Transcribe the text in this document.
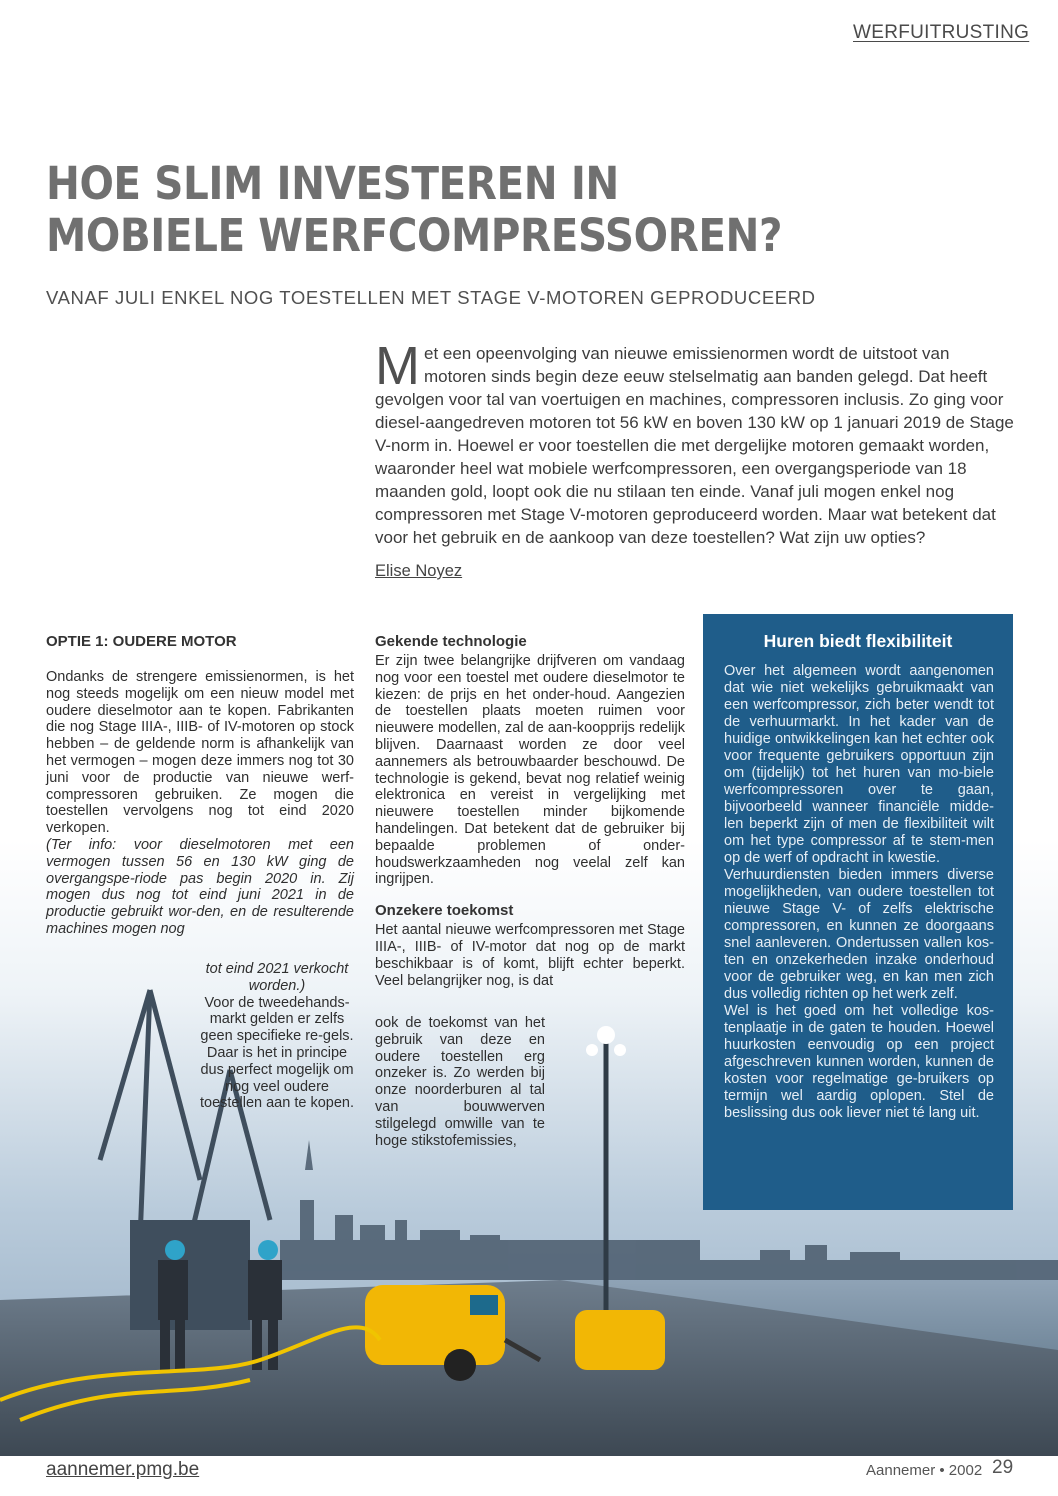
WERFUITRUSTING
HOE SLIM INVESTEREN IN
MOBIELE WERFCOMPRESSOREN?
VANAF JULI ENKEL NOG TOESTELLEN MET STAGE V-MOTOREN GEPRODUCEERD
Met een opeenvolging van nieuwe emissienormen wordt de uitstoot van motoren sinds begin deze eeuw stelselmatig aan banden gelegd. Dat heeft gevolgen voor tal van voertuigen en machines, compressoren inclusis. Zo ging voor diesel-aangedreven motoren tot 56 kW en boven 130 kW op 1 januari 2019 de Stage V-norm in. Hoewel er voor toestellen die met dergelijke motoren gemaakt worden, waaronder heel wat mobiele werfcompressoren, een overgangsperiode van 18 maanden gold, loopt ook die nu stilaan ten einde. Vanaf juli mogen enkel nog compressoren met Stage V-motoren geproduceerd worden. Maar wat betekent dat voor het gebruik en de aankoop van deze toestellen? Wat zijn uw opties?
Elise Noyez
OPTIE 1: OUDERE MOTOR

Ondanks de strengere emissienormen, is het nog steeds mogelijk om een nieuw model met oudere dieselmotor aan te kopen. Fabrikanten die nog Stage IIIA-, IIIB- of IV-motoren op stock hebben – de geldende norm is afhankelijk van het vermogen – mogen deze immers nog tot 30 juni voor de productie van nieuwe werf-compressoren gebruiken. Ze mogen die toestellen vervolgens nog tot eind 2020 verkopen.

(Ter info: voor dieselmotoren met een vermogen tussen 56 en 130 kW ging de overgangspe-riode pas begin 2020 in. Zij mogen dus nog tot eind juni 2021 in de productie gebruikt wor-den, en de resulterende machines mogen nog

tot eind 2021 verkocht worden.)

Voor de tweedehands-markt gelden er zelfs geen specifieke re-gels. Daar is het in principe dus perfect mogelijk om nog veel oudere toestellen aan te kopen.

Gekende technologie

Er zijn twee belangrijke drijfveren om vandaag nog voor een toestel met oudere dieselmotor te kiezen: de prijs en het onder-houd. Aangezien de toestellen plaats moeten ruimen voor nieuwere modellen, zal de aan-koopprijs redelijk blijven. Daarnaast worden ze door veel aannemers als betrouwbaarder beschouwd. De technologie is gekend, bevat nog relatief weinig elektronica en vereist in vergelijking met nieuwere toestellen minder bijkomende handelingen. Dat betekent dat de gebruiker bij bepaalde problemen of onder-houdswerkzaamheden nog veelal zelf kan ingrijpen.

Onzekere toekomst

Het aantal nieuwe werfcompressoren met Stage IIIA-, IIIB- of IV-motor dat nog op de markt beschikbaar is of komt, blijft echter beperkt. Veel belangrijker nog, is dat

ook de toekomst van het gebruik van deze en oudere toestellen erg onzeker is. Zo werden bij onze noorderburen al tal van bouwwerven stilgelegd omwille van te hoge stikstofemissies,

Huren biedt flexibiliteit

Over het algemeen wordt aangenomen dat wie niet wekelijks gebruikmaakt van een werfcompressor, zich beter wendt tot de verhuurmarkt. In het kader van de huidige ontwikkelingen kan het echter ook voor frequente gebruikers opportuun zijn om (tijdelijk) tot het huren van mo-biele werfcompressoren over te gaan, bijvoorbeeld wanneer financiële midde-len beperkt zijn of men de flexibiliteit wilt om het type compressor af te stem-men op de werf of opdracht in kwestie.

Verhuurdiensten bieden immers diverse mogelijkheden, van oudere toestellen tot nieuwe Stage V- of zelfs elektrische compressoren, en kunnen ze doorgaans snel aanleveren. Ondertussen vallen kos-ten en onzekerheden inzake onderhoud voor de gebruiker weg, en kan men zich dus volledig richten op het werk zelf.

Wel is het goed om het volledige kos-tenplaatje in de gaten te houden. Hoewel huurkosten eenvoudig op een project afgeschreven kunnen worden, kunnen de kosten voor regelmatige ge-bruikers op termijn wel aardig oplopen. Stel de beslissing dus ook liever niet té lang uit.

aannemer.pmg.be	Aannemer • 2002 29
